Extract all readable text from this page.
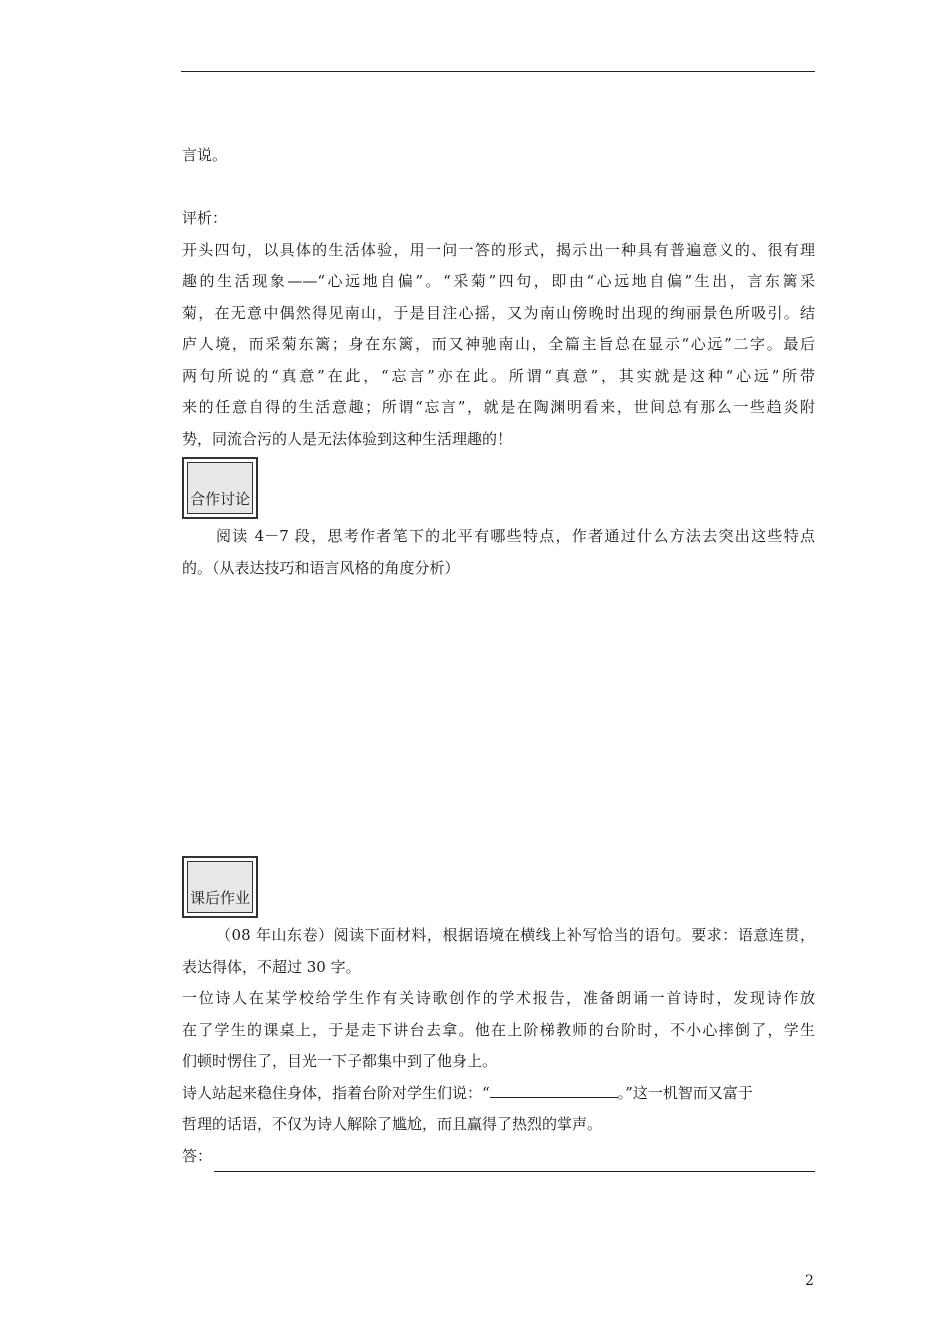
言说。
评析：
开头四句，以具体的生活体验，用一问一答的形式，揭示出一种具有普遍意义的、很有理
趣的生活现象——“心远地自偏”。“采菊”四句，即由“心远地自偏”生出，言东篱采
菊，在无意中偶然得见南山，于是目注心摇，又为南山傍晚时出现的绚丽景色所吸引。结
庐人境，而采菊东篱；身在东篱，而又神驰南山，全篇主旨总在显示“心远”二字。最后
两句所说的“真意”在此，“忘言”亦在此。所谓“真意”，其实就是这种“心远”所带
来的任意自得的生活意趣；所谓“忘言”，就是在陶渊明看来，世间总有那么一些趋炎附
势，同流合污的人是无法体验到这种生活理趣的！
合作讨论
阅读 4－7 段，思考作者笔下的北平有哪些特点，作者通过什么方法去突出这些特点
的。（从表达技巧和语言风格的角度分析）
课后作业
（08 年山东卷）阅读下面材料，根据语境在横线上补写恰当的语句。要求：语意连贯，
表达得体，不超过 30 字。
一位诗人在某学校给学生作有关诗歌创作的学术报告，准备朗诵一首诗时，发现诗作放
在了学生的课桌上，于是走下讲台去拿。他在上阶梯教师的台阶时，不小心摔倒了，学生
们顿时愣住了，目光一下子都集中到了他身上。
诗人站起来稳住身体，指着台阶对学生们说：“	。”这一机智而又富于
哲理的话语，不仅为诗人解除了尴尬，而且赢得了热烈的掌声。
答：
2
